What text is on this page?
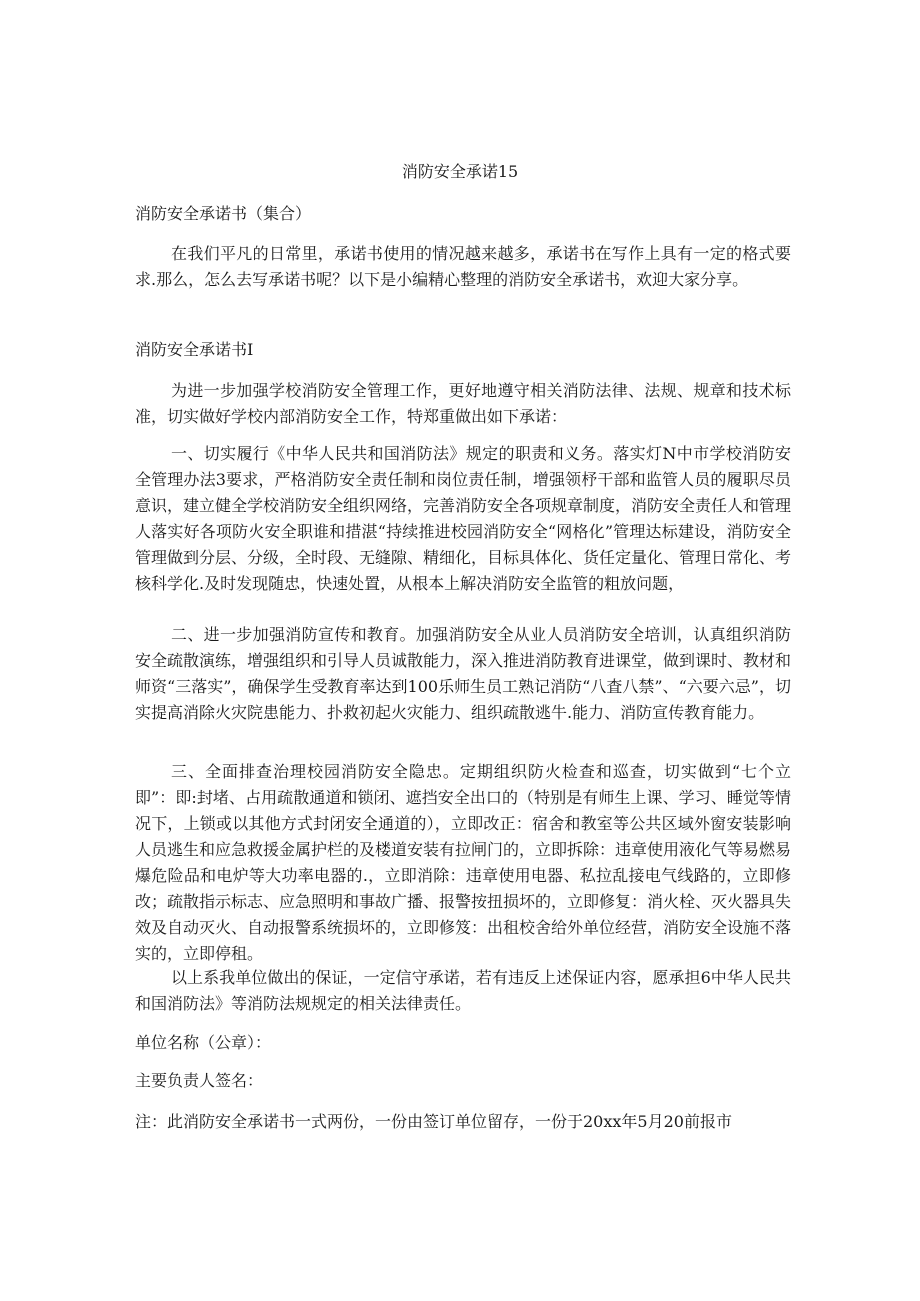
消防安全承诺15
消防安全承诺书（集合）
在我们平凡的日常里，承诺书使用的情况越来越多，承诺书在写作上具有一定的格式要求.那么，怎么去写承诺书呢？以下是小编精心整理的消防安全承诺书，欢迎大家分享。
消防安全承诺书I
为进一步加强学校消防安全管理工作，更好地遵守相关消防法律、法规、规章和技术标准，切实做好学校内部消防安全工作，特郑重做出如下承诺：
一、切实履行《中华人民共和国消防法》规定的职责和义务。落实灯N中市学校消防安全管理办法3要求，严格消防安全责任制和岗位责任制，增强领杼干部和监管人员的履职尽员意识，建立健全学校消防安全组织网络，完善消防安全各项规章制度，消防安全责任人和管理人落实好各项防火安全职谁和措湛“持续推进校园消防安全“网格化”管理达标建设，消防安全管理做到分层、分级，全时段、无缝隙、精细化，目标具体化、货任定量化、管理日常化、考核科学化.及时发现随忠，快速处置，从根本上解决消防安全监管的粗放问题，
二、进一步加强消防宣传和教育。加强消防安全从业人员消防安全培训，认真组织消防安全疏散演练，增强组织和引导人员诚散能力，深入推进消防教育进课堂，做到课时、教材和师资“三落实”，确保学生受教育率达到100乐师生员工熟记消防“八査八禁”、“六要六忌”，切实提高消除火灾院患能力、扑救初起火灾能力、组织疏散逃牛.能力、消防宣传教育能力。
三、全面排查治理校园消防安全隐忠。定期组织防火检查和巡查，切实做到“七个立即”：即:封堵、占用疏散通道和锁闭、遮挡安全出口的（特别是有师生上课、学习、睡觉等情况下，上锁或以其他方式封闭安全通道的），立即改正：宿舍和教室等公共区域外窗安装影响人员逃生和应急救援金属护栏的及楼道安装有拉闸门的，立即拆除：违章使用液化气等易燃易爆危险品和电炉等大功率电器的.，立即消除：违章使用电器、私拉乱接电气线路的，立即修改；疏散指示标志、应急照明和事故广播、报警按扭损坏的，立即修复：消火栓、灭火器具失效及自动灭火、自动报警系统损坏的，立即修笈：出租校舍给外单位经营，消防安全设施不落实的，立即停租。
以上系我单位做出的保证，一定信守承诺，若有违反上述保证内容，愿承担6中华人民共和国消防法》等消防法规规定的相关法律责任。
单位名称（公章）：
主要负责人签名：
注：此消防安全承诺书一式两份，一份由签订单位留存，一份于20xx年5月20前报市
